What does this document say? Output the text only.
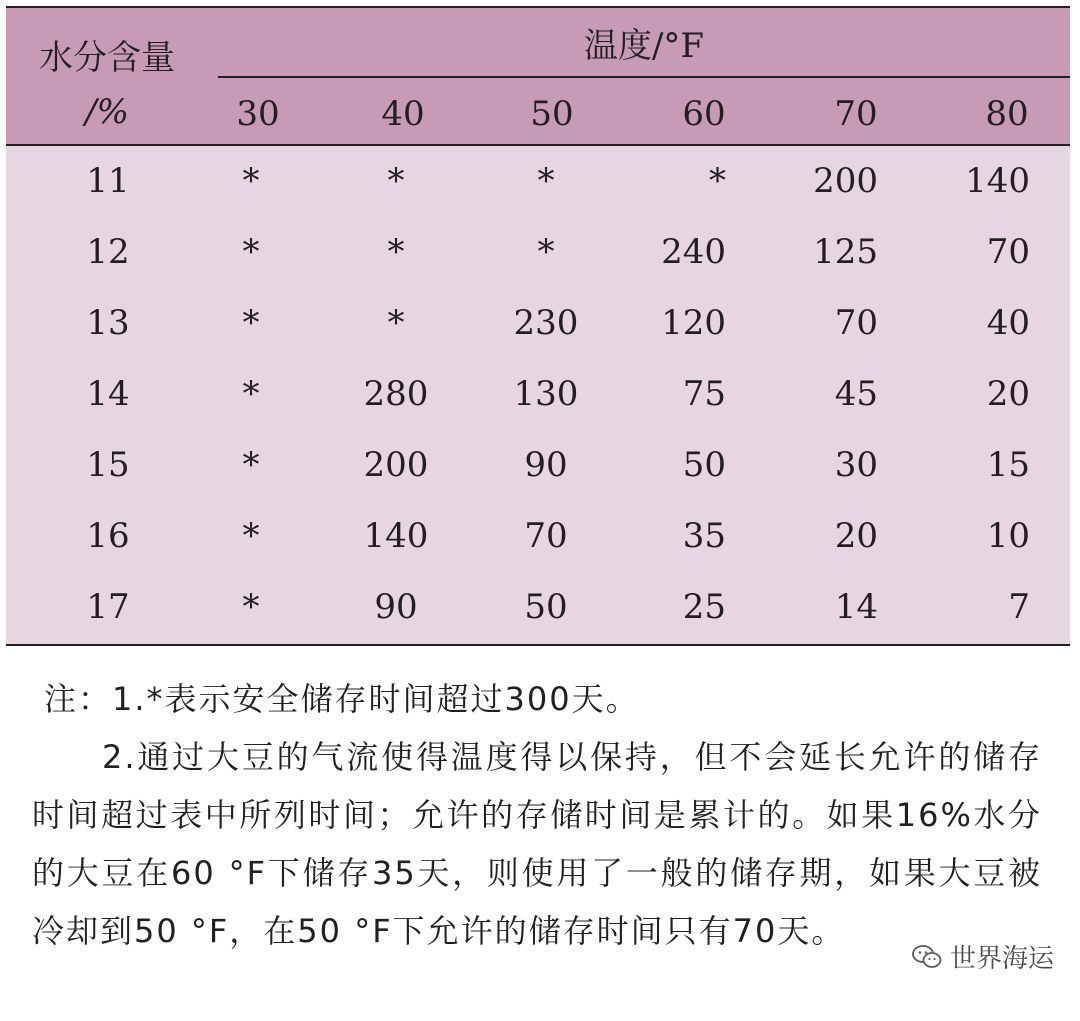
水分含量
/%
温度/°F
30	40	50	60	70	80
11	*	*	*	*	200	140
12	*	*	*	240	125	70
13	*	*	230	120	70	40
14	*	280	130	75	45	20
15	*	200	90	50	30	15
16	*	140	70	35	20	10
17	*	90	50	25	14	7

注：1.*表示安全储存时间超过300天。

2.通过大豆的气流使得温度得以保持，但不会延长允许的储存时间超过表中所列时间；允许的存储时间是累计的。如果16%水分的大豆在60 °F下储存35天，则使用了一般的储存期，如果大豆被冷却到50 °F，在50 °F下允许的储存时间只有70天。

世界海运
